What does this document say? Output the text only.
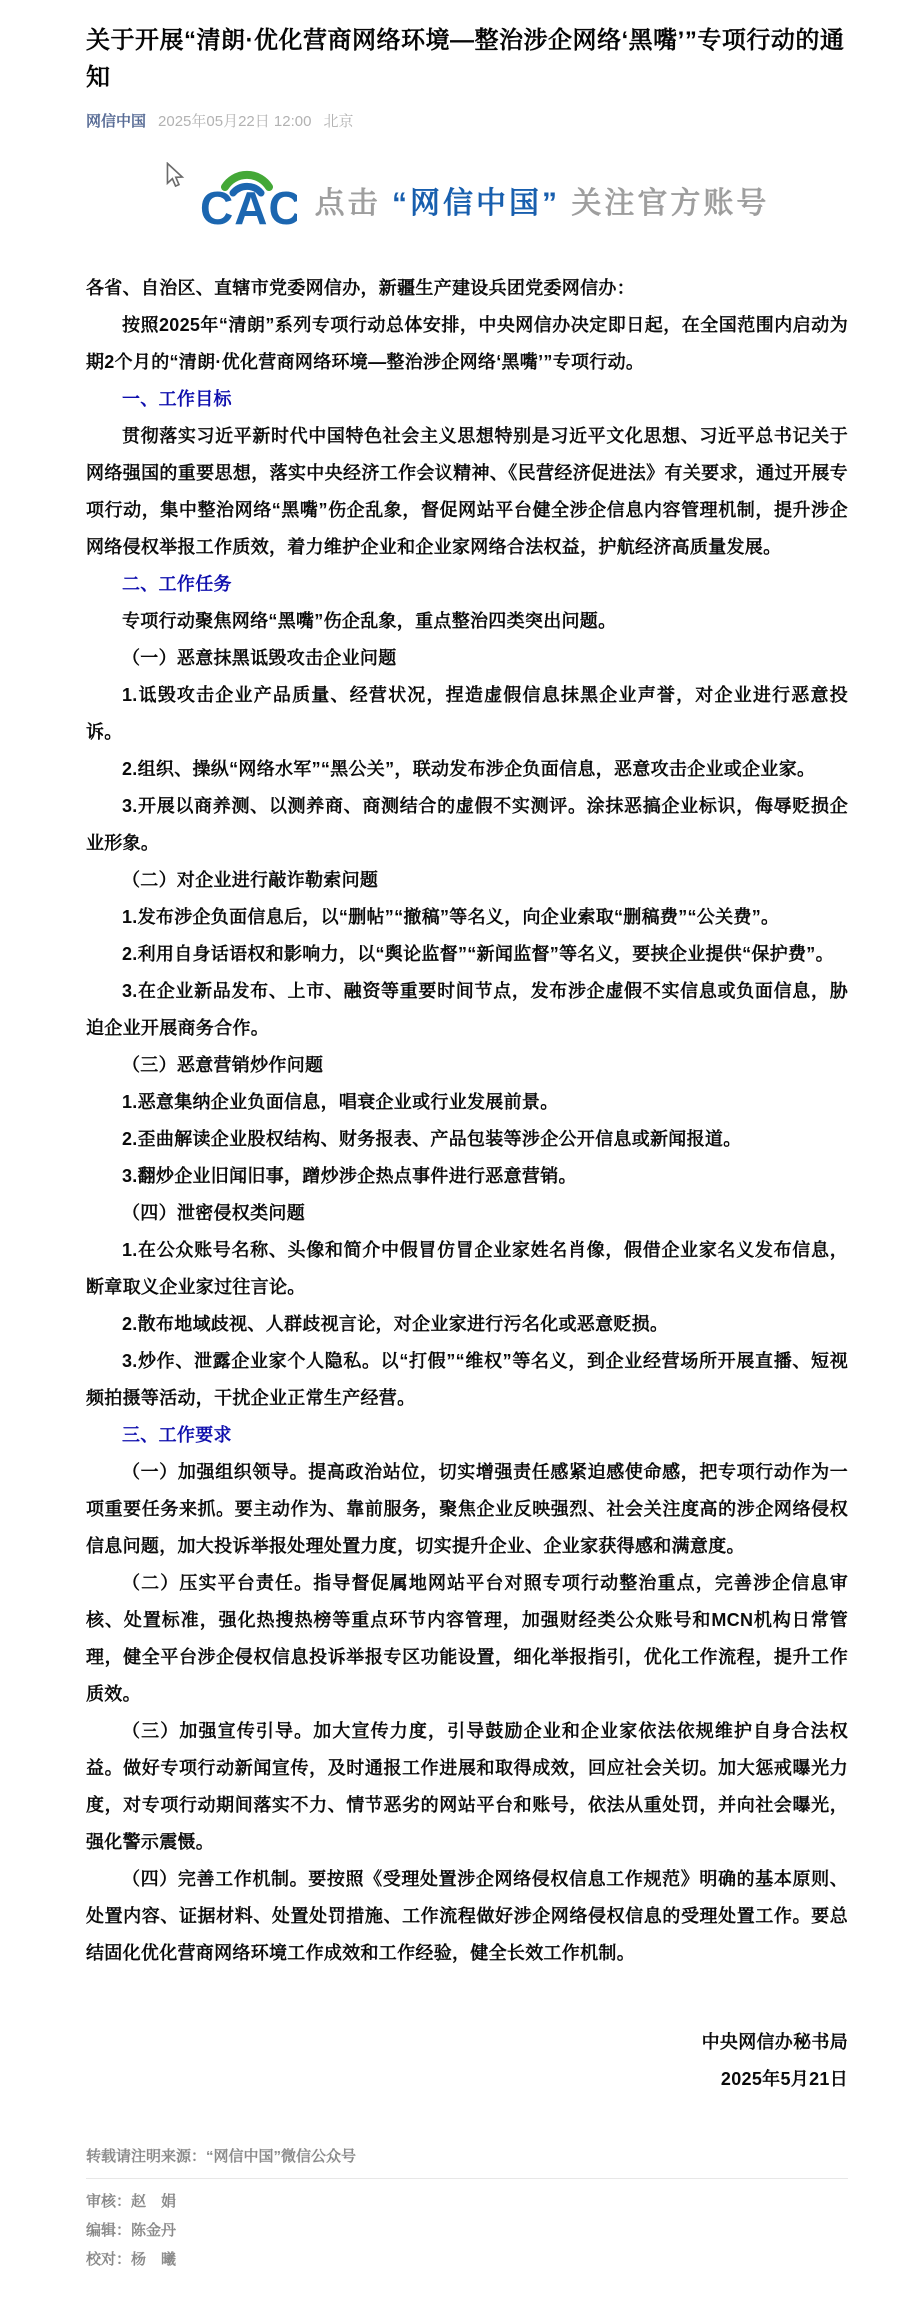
关于开展“清朗·优化营商网络环境—整治涉企网络‘黑嘴’”专项行动的通知
网信中国 2025年05月22日 12:00 北京
CAC 点击 “网信中国” 关注官方账号

各省、自治区、直辖市党委网信办，新疆生产建设兵团党委网信办：

按照2025年“清朗”系列专项行动总体安排，中央网信办决定即日起，在全国范围内启动为期2个月的“清朗·优化营商网络环境—整治涉企网络‘黑嘴’”专项行动。

一、工作目标

贯彻落实习近平新时代中国特色社会主义思想特别是习近平文化思想、习近平总书记关于网络强国的重要思想，落实中央经济工作会议精神、《民营经济促进法》有关要求，通过开展专项行动，集中整治网络“黑嘴”伤企乱象，督促网站平台健全涉企信息内容管理机制，提升涉企网络侵权举报工作质效，着力维护企业和企业家网络合法权益，护航经济高质量发展。

二、工作任务

专项行动聚焦网络“黑嘴”伤企乱象，重点整治四类突出问题。

（一）恶意抹黑诋毁攻击企业问题

1.诋毁攻击企业产品质量、经营状况，捏造虚假信息抹黑企业声誉，对企业进行恶意投诉。

2.组织、操纵“网络水军”“黑公关”，联动发布涉企负面信息，恶意攻击企业或企业家。

3.开展以商养测、以测养商、商测结合的虚假不实测评。涂抹恶搞企业标识，侮辱贬损企业形象。

（二）对企业进行敲诈勒索问题

1.发布涉企负面信息后，以“删帖”“撤稿”等名义，向企业索取“删稿费”“公关费”。

2.利用自身话语权和影响力，以“舆论监督”“新闻监督”等名义，要挟企业提供“保护费”。

3.在企业新品发布、上市、融资等重要时间节点，发布涉企虚假不实信息或负面信息，胁迫企业开展商务合作。

（三）恶意营销炒作问题

1.恶意集纳企业负面信息，唱衰企业或行业发展前景。

2.歪曲解读企业股权结构、财务报表、产品包装等涉企公开信息或新闻报道。

3.翻炒企业旧闻旧事，蹭炒涉企热点事件进行恶意营销。

（四）泄密侵权类问题

1.在公众账号名称、头像和简介中假冒仿冒企业家姓名肖像，假借企业家名义发布信息，断章取义企业家过往言论。

2.散布地域歧视、人群歧视言论，对企业家进行污名化或恶意贬损。

3.炒作、泄露企业家个人隐私。以“打假”“维权”等名义，到企业经营场所开展直播、短视频拍摄等活动，干扰企业正常生产经营。

三、工作要求

（一）加强组织领导。提高政治站位，切实增强责任感紧迫感使命感，把专项行动作为一项重要任务来抓。要主动作为、靠前服务，聚焦企业反映强烈、社会关注度高的涉企网络侵权信息问题，加大投诉举报处理处置力度，切实提升企业、企业家获得感和满意度。

（二）压实平台责任。指导督促属地网站平台对照专项行动整治重点，完善涉企信息审核、处置标准，强化热搜热榜等重点环节内容管理，加强财经类公众账号和MCN机构日常管理，健全平台涉企侵权信息投诉举报专区功能设置，细化举报指引，优化工作流程，提升工作质效。

（三）加强宣传引导。加大宣传力度，引导鼓励企业和企业家依法依规维护自身合法权益。做好专项行动新闻宣传，及时通报工作进展和取得成效，回应社会关切。加大惩戒曝光力度，对专项行动期间落实不力、情节恶劣的网站平台和账号，依法从重处罚，并向社会曝光，强化警示震慑。

（四）完善工作机制。要按照《受理处置涉企网络侵权信息工作规范》明确的基本原则、处置内容、证据材料、处置处罚措施、工作流程做好涉企网络侵权信息的受理处置工作。要总结固化优化营商网络环境工作成效和工作经验，健全长效工作机制。

中央网信办秘书局

2025年5月21日

转载请注明来源：“网信中国”微信公众号

审核：赵　娟
编辑：陈金丹
校对：杨　曦
